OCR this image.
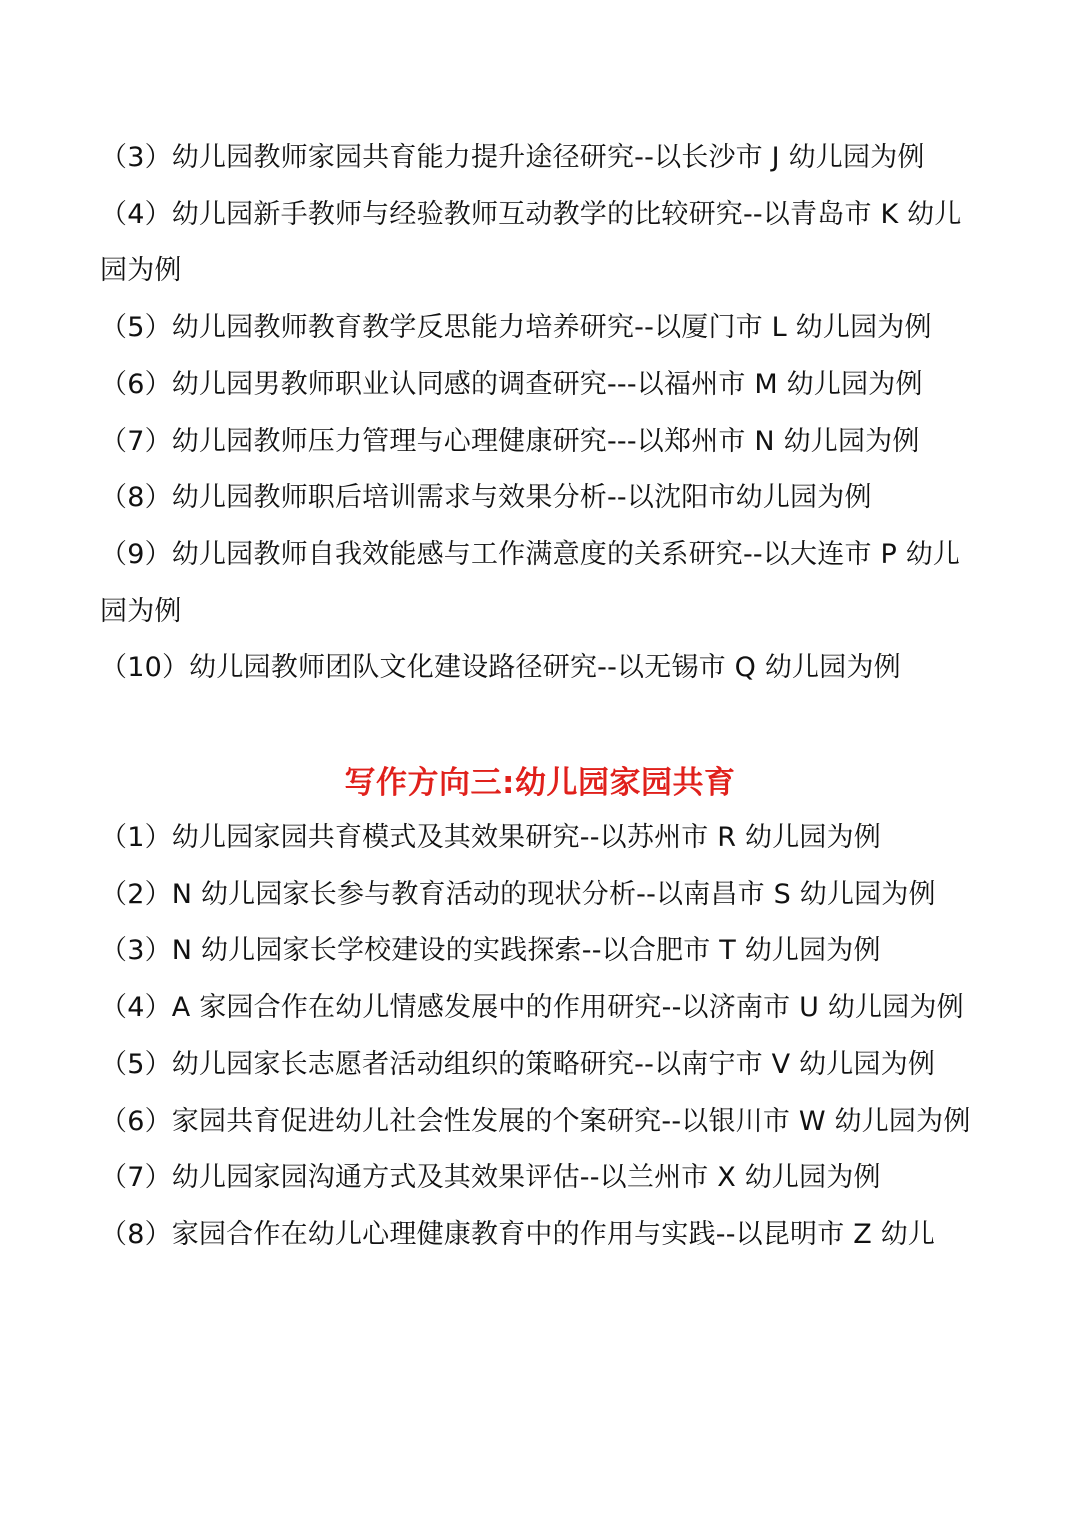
（3）幼儿园教师家园共育能力提升途径研究--以长沙市 J 幼儿园为例
（4）幼儿园新手教师与经验教师互动教学的比较研究--以青岛市 K 幼儿园为例
（5）幼儿园教师教育教学反思能力培养研究--以厦门市 L 幼儿园为例
（6）幼儿园男教师职业认同感的调查研究---以福州市 M 幼儿园为例
（7）幼儿园教师压力管理与心理健康研究---以郑州市 N 幼儿园为例
（8）幼儿园教师职后培训需求与效果分析--以沈阳市幼儿园为例
（9）幼儿园教师自我效能感与工作满意度的关系研究--以大连市 P 幼儿园为例
（10）幼儿园教师团队文化建设路径研究--以无锡市 Q 幼儿园为例
写作方向三:幼儿园家园共育
（1）幼儿园家园共育模式及其效果研究--以苏州市 R 幼儿园为例
（2）N 幼儿园家长参与教育活动的现状分析--以南昌市 S 幼儿园为例
（3）N 幼儿园家长学校建设的实践探索--以合肥市 T 幼儿园为例
（4）A 家园合作在幼儿情感发展中的作用研究--以济南市 U 幼儿园为例
（5）幼儿园家长志愿者活动组织的策略研究--以南宁市 V 幼儿园为例
（6）家园共育促进幼儿社会性发展的个案研究--以银川市 W 幼儿园为例
（7）幼儿园家园沟通方式及其效果评估--以兰州市 X 幼儿园为例
（8）家园合作在幼儿心理健康教育中的作用与实践--以昆明市 Z 幼儿
